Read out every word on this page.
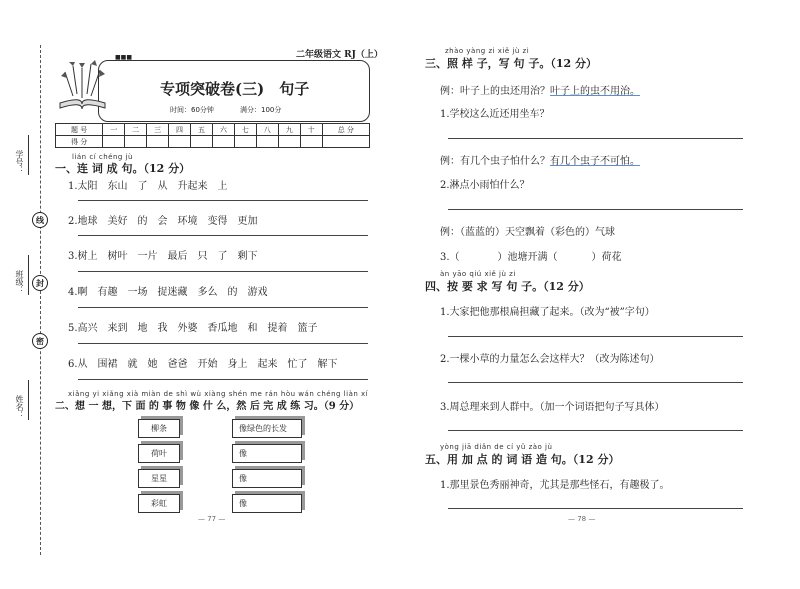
学号：
班级：
姓名：
线
封
密
■■■	二年级语文 RJ（上）
专项突破卷(三)　句子
时间：60分钟	满分：100分
题 号	一	二	三	四	五	六	七	八	九	十	总 分
得 分											
lián cí chéng jù
一、连 词 成 句。（12 分）
1.太阳　东山　了　从　升起来　上
2.地球　美好　的　会　环境　变得　更加
3.树上　树叶　一片　最后　只　了　剩下
4.啊　有趣　一场　捉迷藏　多么　的　游戏
5.高兴　来到　地　我　外婆　香瓜地　和　提着　篮子
6.从　围裙　就　她　爸爸　开始　身上　起来　忙了　解下
xiǎng yi xiǎng xià miàn de shì wù xiàng shén me rán hòu wán chéng liàn xí
二、想 一 想，下 面 的 事 物 像 什 么，然 后 完 成 练 习。（9 分）
柳条
荷叶
星星
彩虹
像绿色的长发
像
像
像
— 77 —
zhào yàng zi xiě jù zi
三、照 样 子，写 句 子。（12 分）
例：叶子上的虫还用治？叶子上的虫不用治。
1.学校这么近还用坐车？
例：有几个虫子怕什么？有几个虫子不可怕。
2.淋点小雨怕什么？
例：（蓝蓝的）天空飘着（彩色的）气球
3.（	）池塘开满（	）荷花
àn yāo qiú xiě jù zi
四、按 要 求 写 句 子。（12 分）
1.大家把他那根扁担藏了起来。（改为“被”字句）
2.一棵小草的力量怎么会这样大？（改为陈述句）
3.周总理来到人群中。（加一个词语把句子写具体）
yòng jiā diǎn de cí yǔ zào jù
五、用 加 点 的 词 语 造 句。（12 分）
1.那里景色秀丽神奇，尤其是那些怪石，有趣极了。
— 78 —
